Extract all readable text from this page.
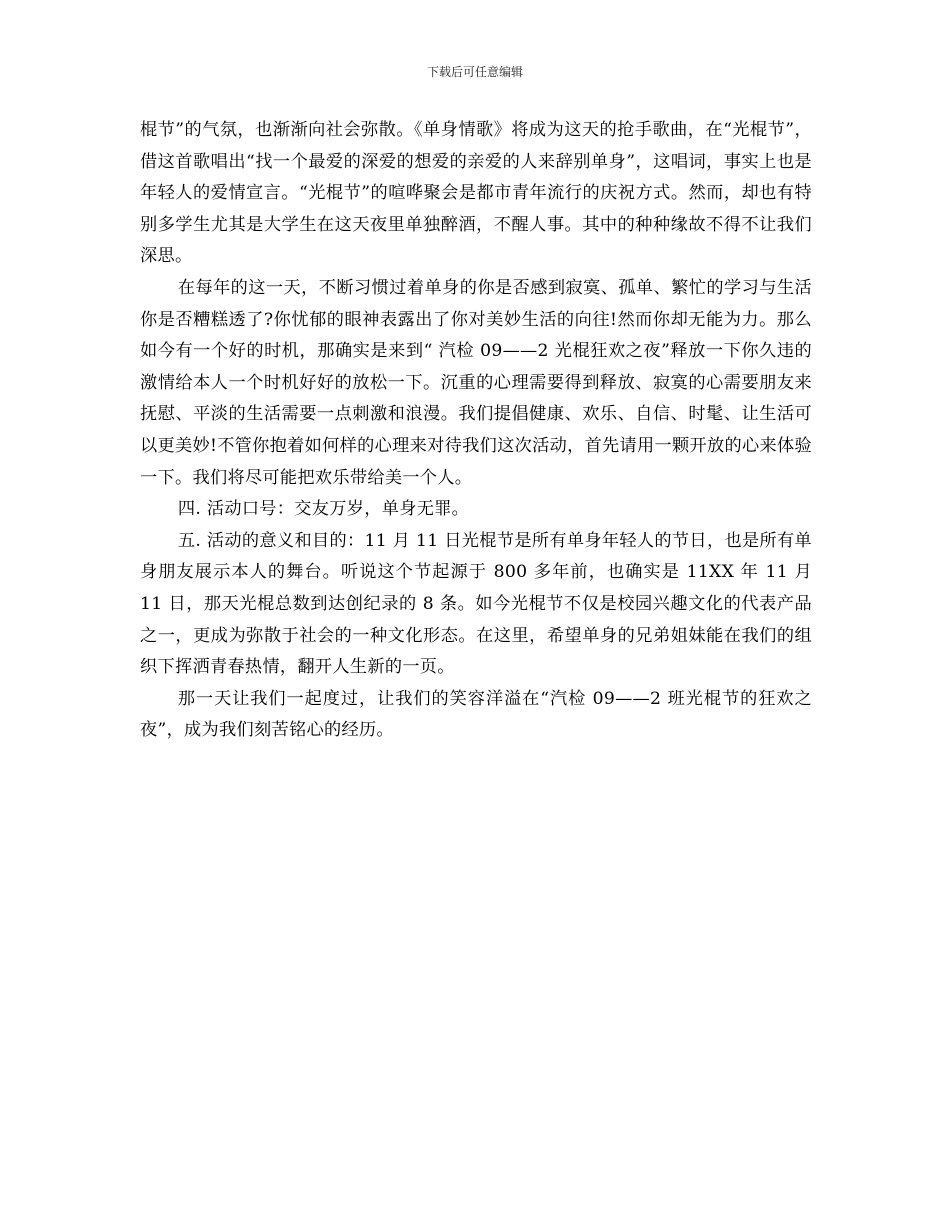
下载后可任意编辑

棍节”的气氛，也渐渐向社会弥散。《单身情歌》将成为这天的抢手歌曲，在“光棍节”，借这首歌唱出“找一个最爱的深爱的想爱的亲爱的人来辞别单身”，这唱词，事实上也是年轻人的爱情宣言。“光棍节”的喧哗聚会是都市青年流行的庆祝方式。然而，却也有特别多学生尤其是大学生在这天夜里单独醉酒，不醒人事。其中的种种缘故不得不让我们深思。

在每年的这一天，不断习惯过着单身的你是否感到寂寞、孤单、繁忙的学习与生活你是否糟糕透了?你忧郁的眼神表露出了你对美妙生活的向往!然而你却无能为力。那么如今有一个好的时机，那确实是来到“ 汽检 09——2 光棍狂欢之夜”释放一下你久违的激情给本人一个时机好好的放松一下。沉重的心理需要得到释放、寂寞的心需要朋友来抚慰、平淡的生活需要一点刺激和浪漫。我们提倡健康、欢乐、自信、时髦、让生活可以更美妙!不管你抱着如何样的心理来对待我们这次活动，首先请用一颗开放的心来体验一下。我们将尽可能把欢乐带给美一个人。

四. 活动口号：交友万岁，单身无罪。

五. 活动的意义和目的：11 月 11 日光棍节是所有单身年轻人的节日，也是所有单身朋友展示本人的舞台。听说这个节起源于 800 多年前，也确实是 11XX 年 11 月 11 日，那天光棍总数到达创纪录的 8 条。如今光棍节不仅是校园兴趣文化的代表产品之一，更成为弥散于社会的一种文化形态。在这里，希望单身的兄弟姐妹能在我们的组织下挥洒青春热情，翻开人生新的一页。

那一天让我们一起度过，让我们的笑容洋溢在“汽检 09——2 班光棍节的狂欢之夜”，成为我们刻苦铭心的经历。
